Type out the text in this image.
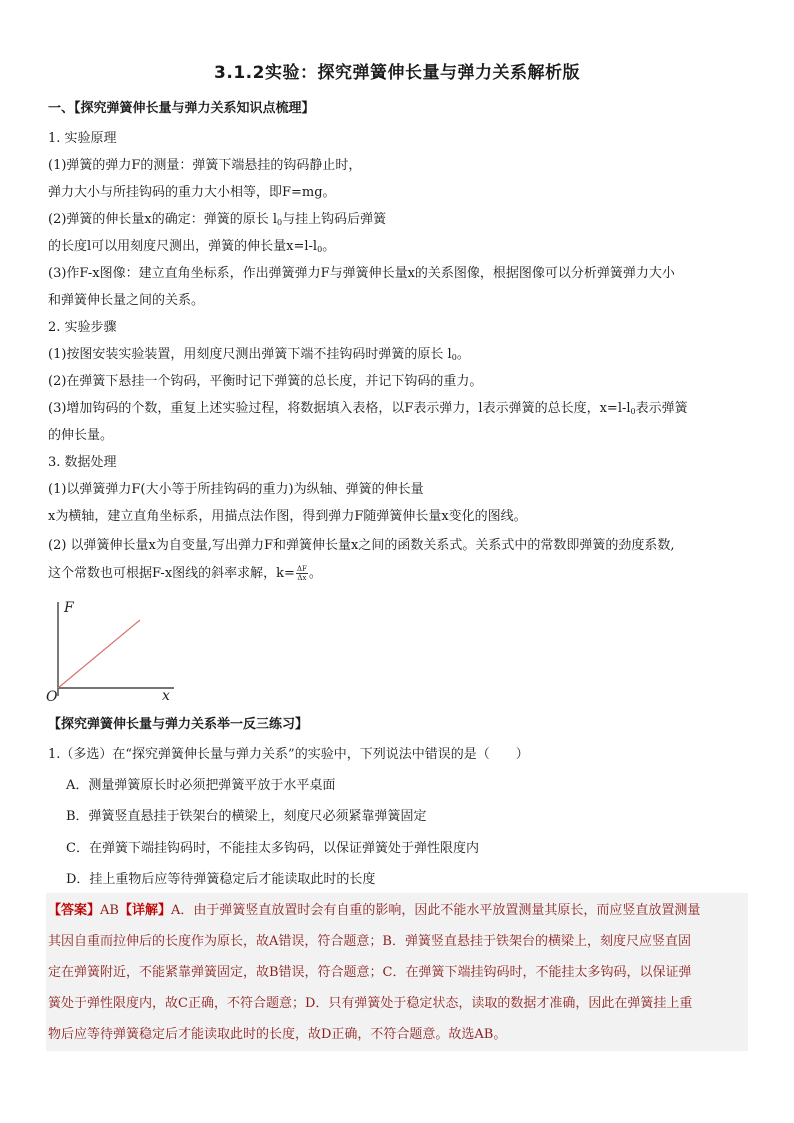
3.1.2实验：探究弹簧伸长量与弹力关系解析版
一、【探究弹簧伸长量与弹力关系知识点梳理】
1. 实验原理
(1)弹簧的弹力F的测量：弹簧下端悬挂的钩码静止时，
弹力大小与所挂钩码的重力大小相等，即F=mg。
(2)弹簧的伸长量x的确定：弹簧的原长 $l_0$与挂上钩码后弹簧
的长度l可以用刻度尺测出，弹簧的伸长量$x=l-l_0$。
(3)作F-x图像：建立直角坐标系，作出弹簧弹力F与弹簧伸长量x的关系图像，根据图像可以分析弹簧弹力大小
和弹簧伸长量之间的关系。
2. 实验步骤
(1)按图安装实验装置，用刻度尺测出弹簧下端不挂钩码时弹簧的原长 $l_0$。
(2)在弹簧下悬挂一个钩码，平衡时记下弹簧的总长度，并记下钩码的重力。
(3)增加钩码的个数，重复上述实验过程，将数据填入表格，以F表示弹力，l表示弹簧的总长度，$x=l-l_0$表示弹簧
的伸长量。
3. 数据处理
(1)以弹簧弹力F(大小等于所挂钩码的重力)为纵轴、弹簧的伸长量
x为横轴，建立直角坐标系，用描点法作图，得到弹力F随弹簧伸长量x变化的图线。
(2) 以弹簧伸长量x为自变量,写出弹力F和弹簧伸长量x之间的函数关系式。关系式中的常数即弹簧的劲度系数,
这个常数也可根据F-x图线的斜率求解，$k= \frac{\Delta F}{\Delta x}$ 。
F
x
O
【探究弹簧伸长量与弹力关系举一反三练习】
1.（多选）在“探究弹簧伸长量与弹力关系”的实验中，下列说法中错误的是（　　）
A．测量弹簧原长时必须把弹簧平放于水平桌面
B．弹簧竖直悬挂于铁架台的横梁上，刻度尺必须紧靠弹簧固定
C．在弹簧下端挂钩码时，不能挂太多钩码，以保证弹簧处于弹性限度内
D．挂上重物后应等待弹簧稳定后才能读取此时的长度
【答案】AB【详解】A．由于弹簧竖直放置时会有自重的影响，因此不能水平放置测量其原长，而应竖直放置测量
其因自重而拉伸后的长度作为原长，故A错误，符合题意；B．弹簧竖直悬挂于铁架台的横梁上，刻度尺应竖直固
定在弹簧附近，不能紧靠弹簧固定，故B错误，符合题意；C．在弹簧下端挂钩码时，不能挂太多钩码，以保证弹
簧处于弹性限度内，故C正确，不符合题意；D．只有弹簧处于稳定状态，读取的数据才准确，因此在弹簧挂上重
物后应等待弹簧稳定后才能读取此时的长度，故D正确，不符合题意。故选AB。
